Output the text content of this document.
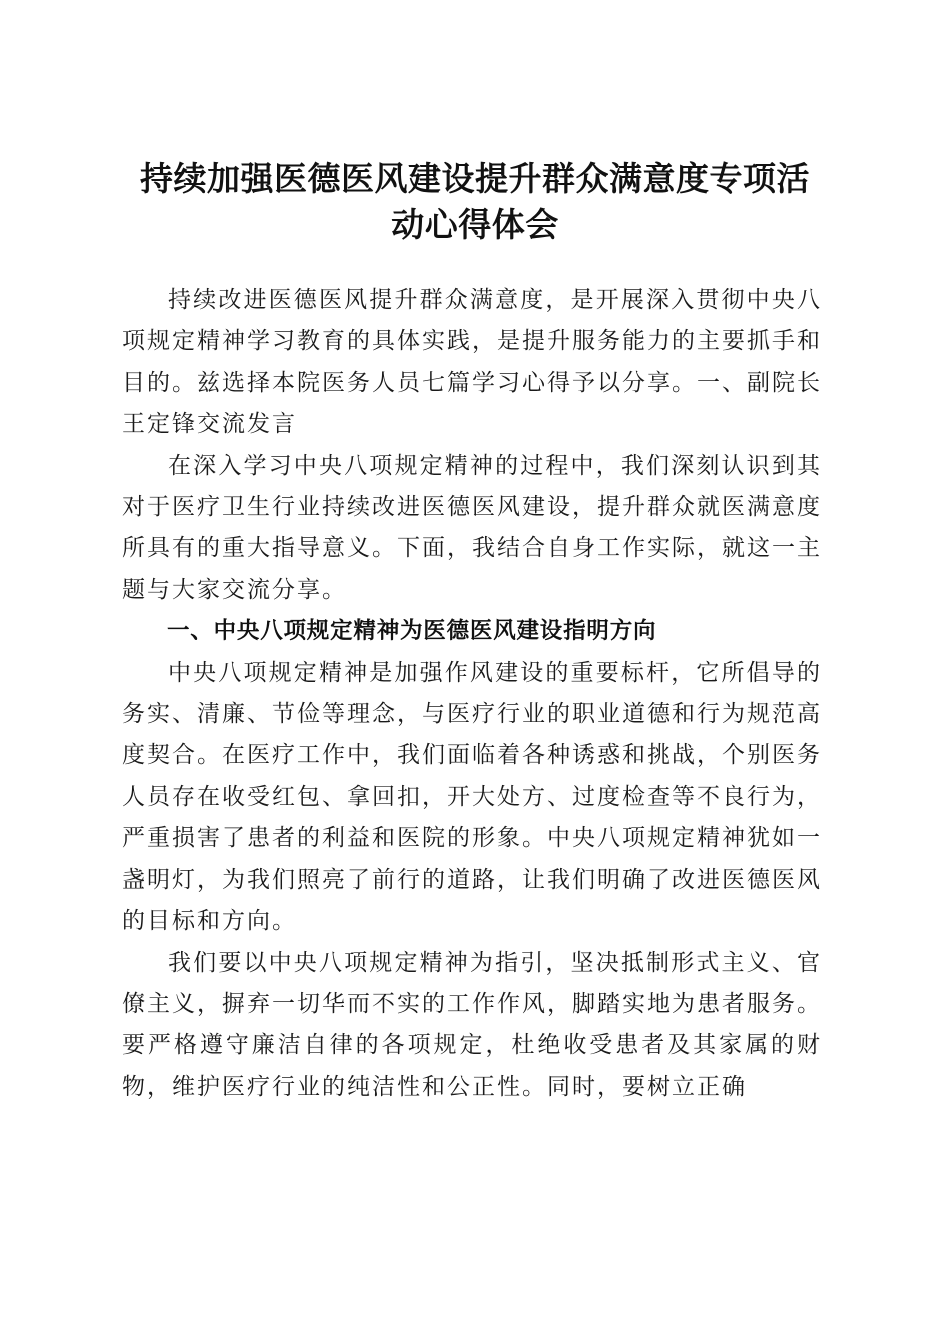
持续加强医德医风建设提升群众满意度专项活
动心得体会

持续改进医德医风提升群众满意度，是开展深入贯彻中央八项规定精神学习教育的具体实践，是提升服务能力的主要抓手和目的。兹选择本院医务人员七篇学习心得予以分享。一、副院长王定锋交流发言

在深入学习中央八项规定精神的过程中，我们深刻认识到其对于医疗卫生行业持续改进医德医风建设，提升群众就医满意度所具有的重大指导意义。下面，我结合自身工作实际，就这一主题与大家交流分享。

一、中央八项规定精神为医德医风建设指明方向

中央八项规定精神是加强作风建设的重要标杆，它所倡导的务实、清廉、节俭等理念，与医疗行业的职业道德和行为规范高度契合。在医疗工作中，我们面临着各种诱惑和挑战，个别医务人员存在收受红包、拿回扣，开大处方、过度检查等不良行为，严重损害了患者的利益和医院的形象。中央八项规定精神犹如一盏明灯，为我们照亮了前行的道路，让我们明确了改进医德医风的目标和方向。

我们要以中央八项规定精神为指引，坚决抵制形式主义、官僚主义，摒弃一切华而不实的工作作风，脚踏实地为患者服务。要严格遵守廉洁自律的各项规定，杜绝收受患者及其家属的财物，维护医疗行业的纯洁性和公正性。同时，要树立正确
